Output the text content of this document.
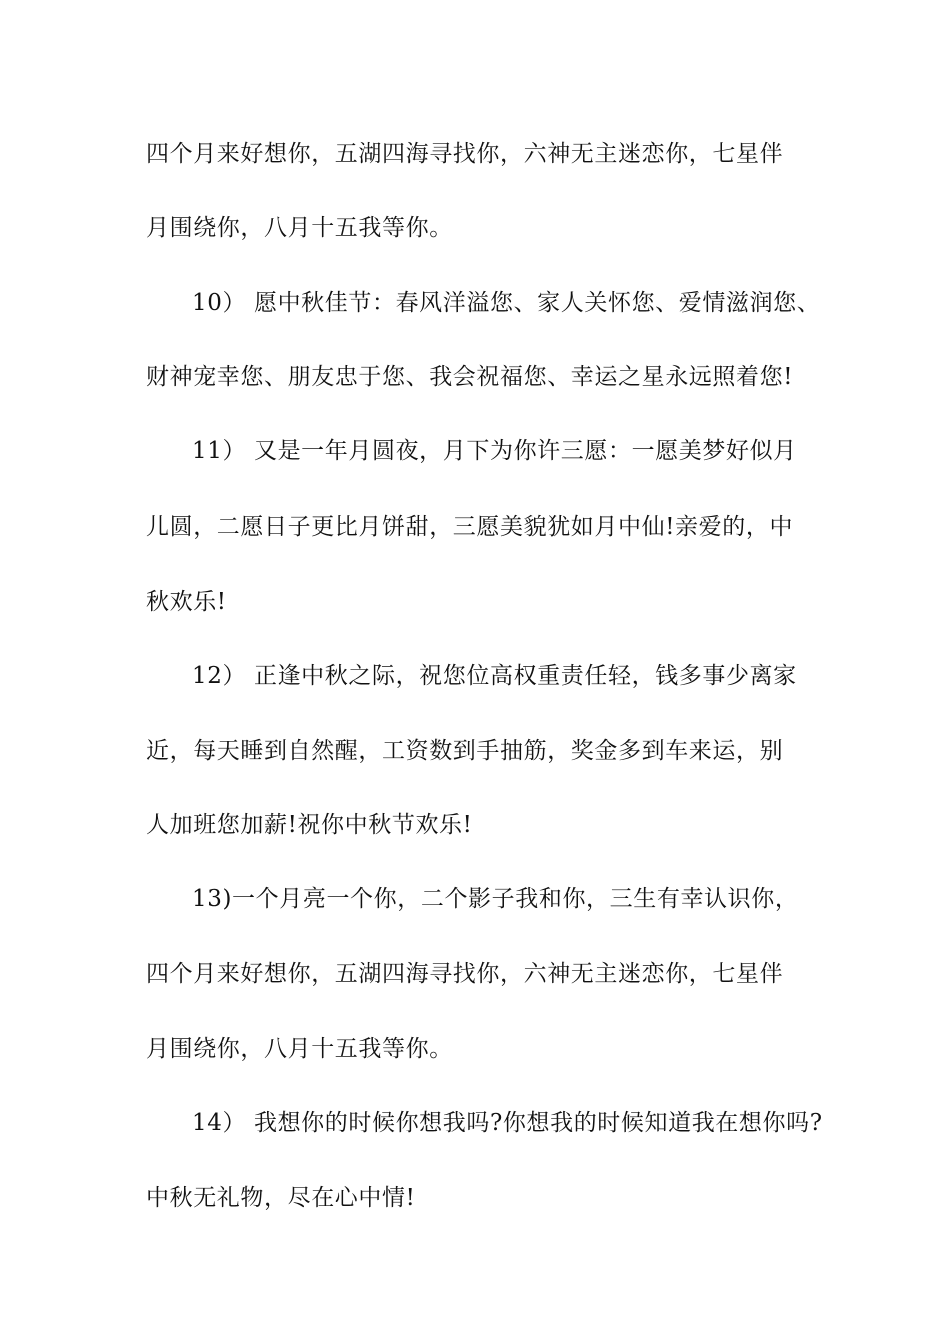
四个月来好想你，五湖四海寻找你，六神无主迷恋你，七星伴
月围绕你，八月十五我等你。
10） 愿中秋佳节：春风洋溢您、家人关怀您、爱情滋润您、
财神宠幸您、朋友忠于您、我会祝福您、幸运之星永远照着您!
11） 又是一年月圆夜，月下为你许三愿：一愿美梦好似月
儿圆，二愿日子更比月饼甜，三愿美貌犹如月中仙!亲爱的，中
秋欢乐!
12） 正逢中秋之际，祝您位高权重责任轻，钱多事少离家
近，每天睡到自然醒，工资数到手抽筋，奖金多到车来运，别
人加班您加薪!祝你中秋节欢乐!
13)一个月亮一个你，二个影子我和你，三生有幸认识你，
四个月来好想你，五湖四海寻找你，六神无主迷恋你，七星伴
月围绕你，八月十五我等你。
14） 我想你的时候你想我吗?你想我的时候知道我在想你吗?
中秋无礼物，尽在心中情!
